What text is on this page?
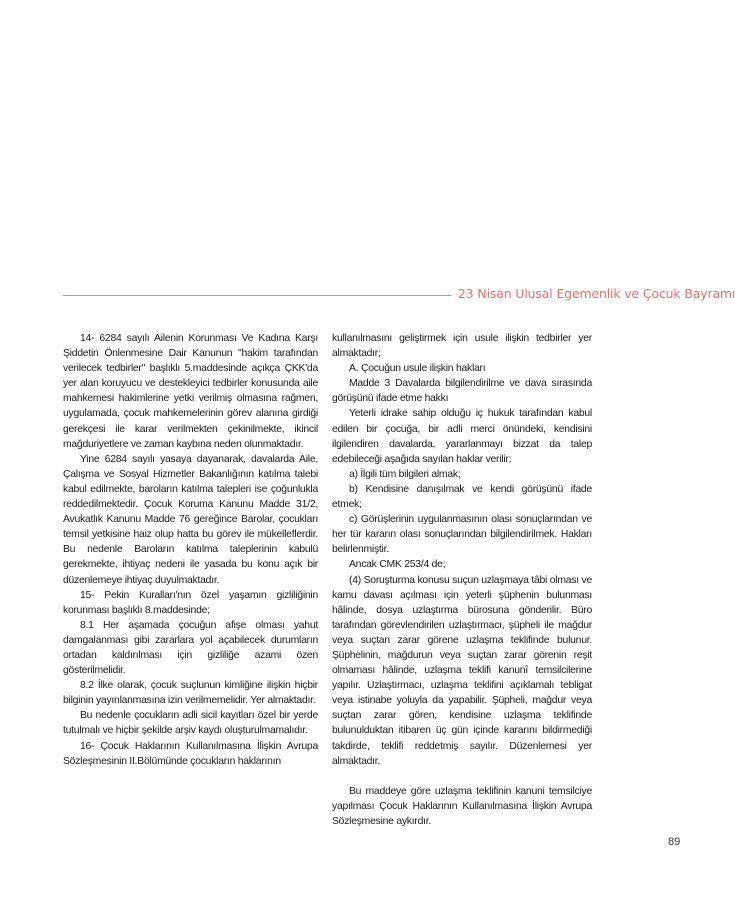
23 Nisan Ulusal Egemenlik ve Çocuk Bayramı

14- 6284 sayılı Ailenin Korunması Ve Kadına Karşı Şiddetin Önlenmesine Dair Kanunun "hakim tarafından verilecek tedbirler" başlıklı 5.maddesinde açıkça ÇKK'da yer alan koruyucu ve destekleyici tedbirler konusunda aile mahkemesi hakimlerine yetki verilmiş olmasına rağmen, uygulamada, çocuk mahkemelerinin görev alanına girdiği gerekçesi ile karar verilmekten çekinilmekte, ikincil mağduriyetlere ve zaman kaybına neden olunmaktadır.

Yine 6284 sayılı yasaya dayanarak, davalarda Aile, Çalışma ve Sosyal Hizmetler Bakanlığının katılma talebi kabul edilmekte, baroların katılma talepleri ise çoğunlukla reddedilmektedir. Çocuk Koruma Kanunu Madde 31/2, Avukatlık Kanunu Madde 76 gereğince Barolar, çocukları temsil yetkisine haiz olup hatta bu görev ile mükelleflerdir. Bu nedenle Baroların katılma taleplerinin kabulü gerekmekte, ihtiyaç nedeni ile yasada bu konu açık bir düzenlemeye ihtiyaç duyulmaktadır.

15- Pekin Kuralları'nın özel yaşamın gizliliğinin korunması başlıklı 8.maddesinde;

8.1 Her aşamada çocuğun afişe olması yahut damgalanması gibi zararlara yol açabilecek durumların ortadan kaldırılması için gizliliğe azami özen gösterilmelidir.

8.2 İlke olarak, çocuk suçlunun kimliğine ilişkin hiçbir bilginin yayınlanmasına izin verilmemelidir. Yer almaktadır.

Bu nedenle çocukların adli sicil kayıtları özel bir yerde tutulmalı ve hiçbir şekilde arşiv kaydı oluşturulmamalıdır.

16- Çocuk Haklarının Kullanılmasına İlişkin Avrupa Sözleşmesinin II.Bölümünde çocukların haklarının

kullanılmasını geliştirmek için usule ilişkin tedbirler yer almaktadır;

A. Çocuğun usule ilişkin hakları

Madde 3 Davalarda bilgilendirilme ve dava sırasında görüşünü ifade etme hakkı

Yeterli idrake sahip olduğu iç hukuk tarafından kabul edilen bir çocuğa, bir adli merci önündeki, kendisini ilgilendiren davalarda, yararlanmayı bizzat da talep edebileceği aşağıda sayılan haklar verilir:

a) İlgili tüm bilgileri almak;

b) Kendisine danışılmak ve kendi görüşünü ifade etmek;

c) Görüşlerinin uygulanmasının olası sonuçlarından ve her tür kararın olası sonuçlarından bilgilendirilmek. Hakları belirlenmiştir.

Ancak CMK 253/4 de;

(4) Soruşturma konusu suçun uzlaşmaya tâbi olması ve kamu davası açılması için yeterli şüphenin bulunması hâlinde, dosya uzlaştırma bürosuna gönderilir. Büro tarafından görevlendirilen uzlaştırmacı, şüpheli ile mağdur veya suçtan zarar görene uzlaşma teklifinde bulunur. Şüphelinin, mağdurun veya suçtan zarar görenin reşit olmaması hâlinde, uzlaşma teklifi kanunî temsilcilerine yapılır. Uzlaştırmacı, uzlaşma teklifini açıklamalı tebligat veya istinabe yoluyla da yapabilir. Şüpheli, mağdur veya suçtan zarar gören, kendisine uzlaşma teklifinde bulunulduktan itibaren üç gün içinde kararını bildirmediği takdirde, teklifi reddetmiş sayılır. Düzenlemesi yer almaktadır.

Bu maddeye göre uzlaşma teklifinin kanuni temsilciye yapılması Çocuk Haklarının Kullanılmasına İlişkin Avrupa Sözleşmesine aykırdır.

89
